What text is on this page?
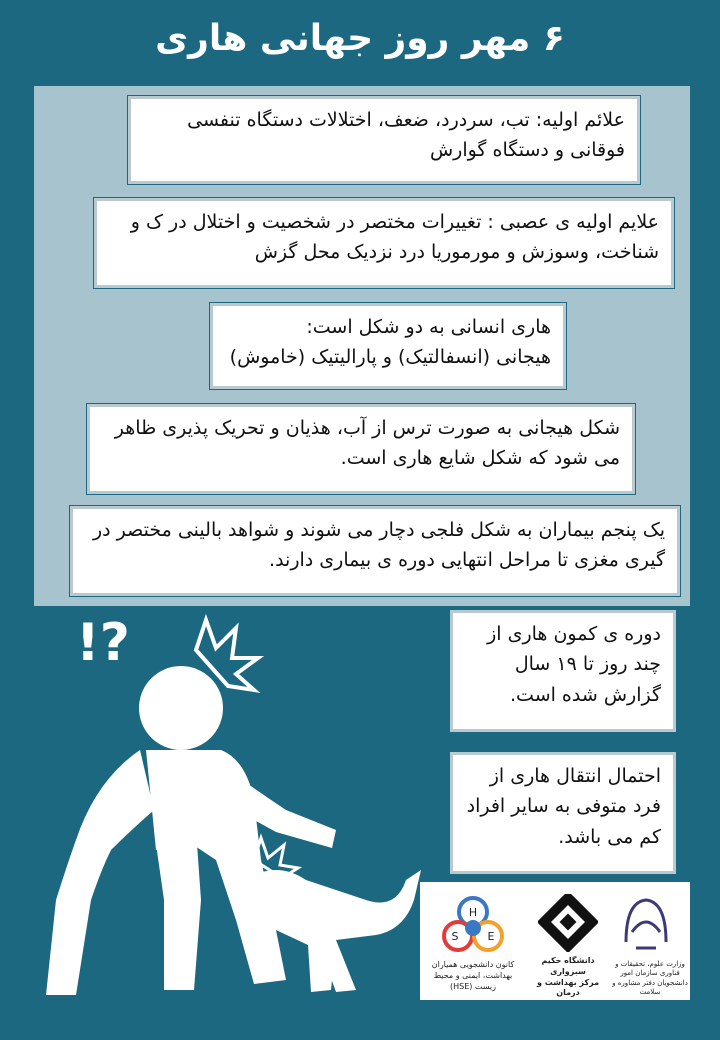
۶ مهر روز جهانی هاری
علائم اولیه: تب، سردرد، ضعف، اختلالات دستگاه تنفسی فوقانی و دستگاه گوارش
علایم اولیه ی عصبی : تغییرات مختصر در شخصیت و اختلال در ک و شناخت، وسوزش و مورموریا درد نزدیک محل گزش
هاری انسانی به دو شکل است:
هیجانی (انسفالتیک) و پارالیتیک (خاموش)
شکل هیجانی به صورت ترس از آب، هذیان و تحریک پذیری ظاهر می شود که شکل شایع هاری است.
یک پنجم بیماران به شکل فلجی دچار می شوند و شواهد بالینی مختصر در گیری مغزی تا مراحل انتهایی دوره ی بیماری دارند.
دوره ی کمون هاری از چند روز تا ۱۹ سال گزارش شده است.
احتمال انتقال هاری از فرد متوفی به سایر افراد کم می باشد.
!?
H
S	E
کانون دانشجویی همیاران بهداشت، ایمنی و محیط زیست (HSE)
دانشگاه حکیم سبزواری
مرکز بهداشت و درمان
وزارت علوم، تحقیقات و فناوری سازمان امور دانشجویان دفتر مشاوره و سلامت
